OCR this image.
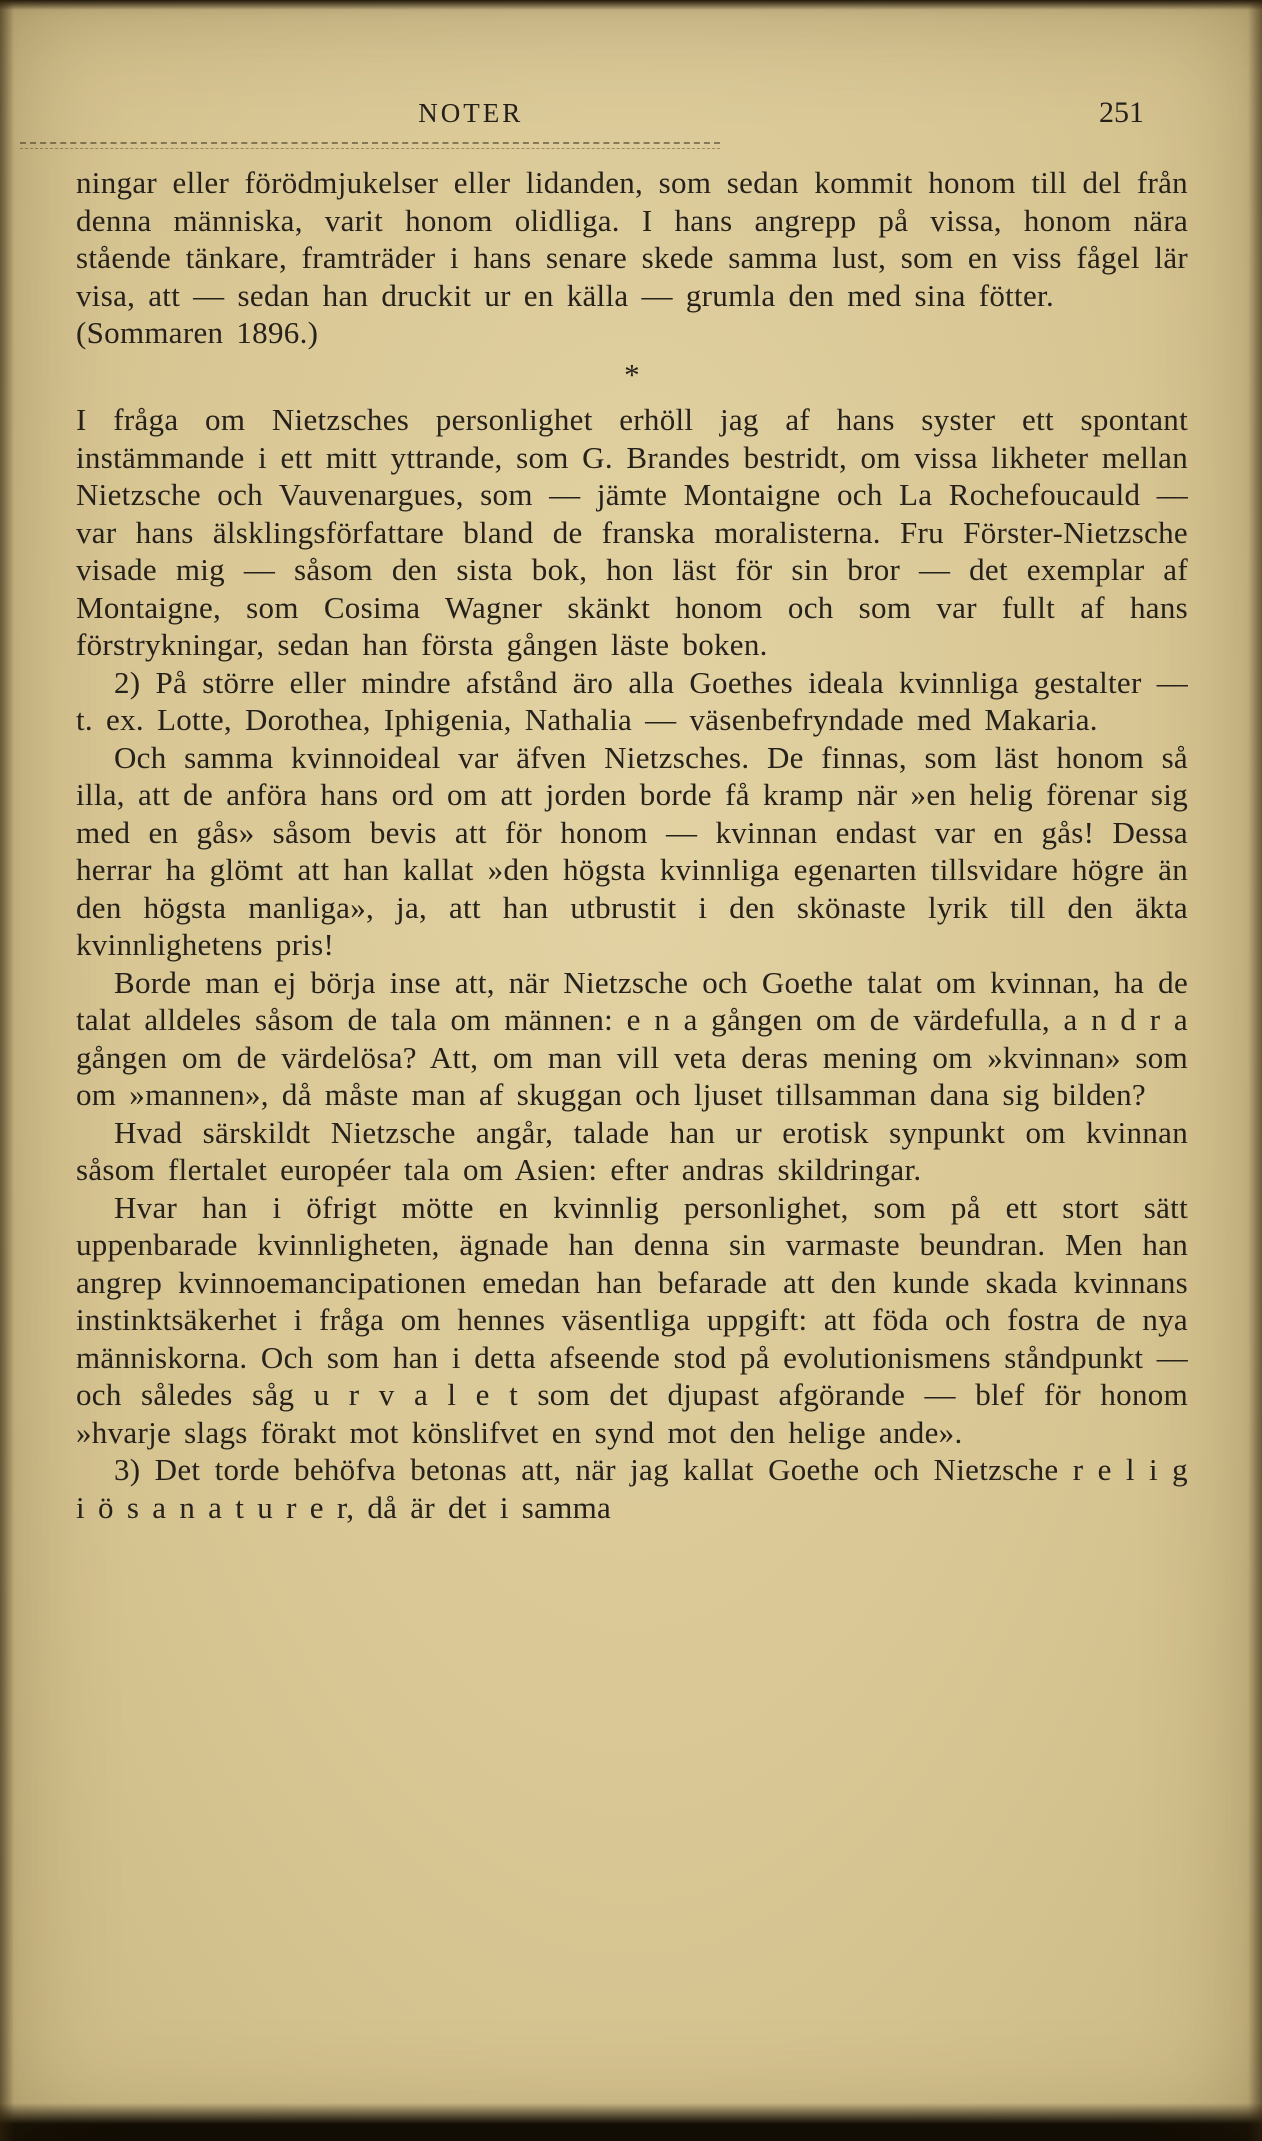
NOTER	251

ningar eller förödmjukelser eller lidanden, som sedan kommit honom till del från denna människa, varit honom olidliga. I hans angrepp på vissa, honom nära stående tänkare, framträder i hans senare skede samma lust, som en viss fågel lär visa, att — sedan han druckit ur en källa — grumla den med sina fötter.

(Sommaren 1896.)

*

I fråga om Nietzsches personlighet erhöll jag af hans syster ett spontant instämmande i ett mitt yttrande, som G. Brandes bestridt, om vissa likheter mellan Nietzsche och Vauvenargues, som — jämte Montaigne och La Rochefoucauld — var hans älsklingsförfattare bland de franska moralisterna. Fru Förster-Nietzsche visade mig — såsom den sista bok, hon läst för sin bror — det exemplar af Montaigne, som Cosima Wagner skänkt honom och som var fullt af hans förstrykningar, sedan han första gången läste boken.

2) På större eller mindre afstånd äro alla Goethes ideala kvinnliga gestalter — t. ex. Lotte, Dorothea, Iphigenia, Nathalia — väsenbefryndade med Makaria.

Och samma kvinnoideal var äfven Nietzsches. De finnas, som läst honom så illa, att de anföra hans ord om att jorden borde få kramp när »en helig förenar sig med en gås» såsom bevis att för honom — kvinnan endast var en gås! Dessa herrar ha glömt att han kallat »den högsta kvinnliga egenarten tillsvidare högre än den högsta manliga», ja, att han utbrustit i den skönaste lyrik till den äkta kvinnlighetens pris!

Borde man ej börja inse att, när Nietzsche och Goethe talat om kvinnan, ha de talat alldeles såsom de tala om männen: e n a gången om de värdefulla, a n d r a gången om de värdelösa? Att, om man vill veta deras mening om »kvinnan» som om »mannen», då måste man af skuggan och ljuset tillsamman dana sig bilden?

Hvad särskildt Nietzsche angår, talade han ur erotisk synpunkt om kvinnan såsom flertalet européer tala om Asien: efter andras skildringar.

Hvar han i öfrigt mötte en kvinnlig personlighet, som på ett stort sätt uppenbarade kvinnligheten, ägnade han denna sin varmaste beundran. Men han angrep kvinnoemancipationen emedan han befarade att den kunde skada kvinnans instinktsäkerhet i fråga om hennes väsentliga uppgift: att föda och fostra de nya människorna. Och som han i detta afseende stod på evolutionismens ståndpunkt — och således såg u r v a l e t som det djupast afgörande — blef för honom »hvarje slags förakt mot könslifvet en synd mot den helige ande».

3) Det torde behöfva betonas att, när jag kallat Goethe och Nietzsche r e l i g i ö s a n a t u r e r, då är det i samma
